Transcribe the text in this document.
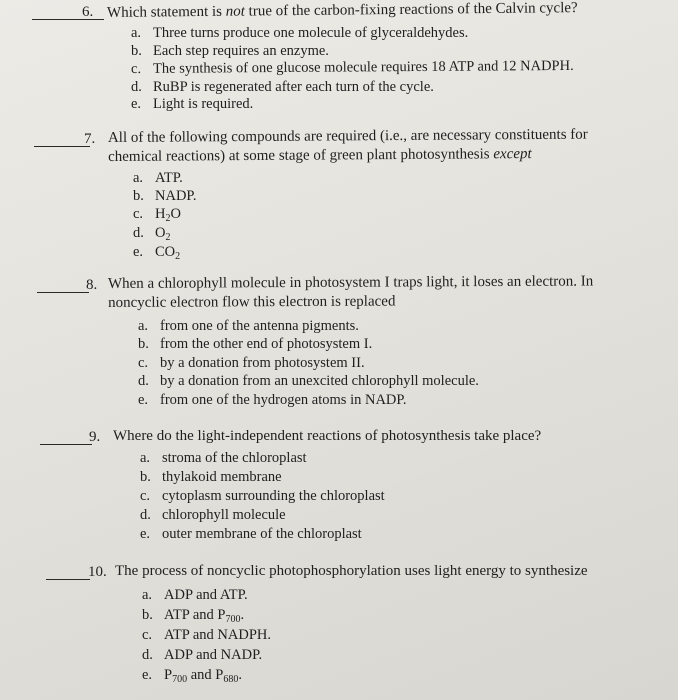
6. Which statement is not true of the carbon-fixing reactions of the Calvin cycle?
a. Three turns produce one molecule of glyceraldehydes.
b. Each step requires an enzyme.
c. The synthesis of one glucose molecule requires 18 ATP and 12 NADPH.
d. RuBP is regenerated after each turn of the cycle.
e. Light is required.
7. All of the following compounds are required (i.e., are necessary constituents for
chemical reactions) at some stage of green plant photosynthesis except
a. ATP.
b. NADP.
c. $H_2O$
d. $O_2$
e. $CO_2$
8. When a chlorophyll molecule in photosystem I traps light, it loses an electron. In
noncyclic electron flow this electron is replaced
a. from one of the antenna pigments.
b. from the other end of photosystem I.
c. by a donation from photosystem II.
d. by a donation from an unexcited chlorophyll molecule.
e. from one of the hydrogen atoms in NADP.
9. Where do the light-independent reactions of photosynthesis take place?
a. stroma of the chloroplast
b. thylakoid membrane
c. cytoplasm surrounding the chloroplast
d. chlorophyll molecule
e. outer membrane of the chloroplast
10. The process of noncyclic photophosphorylation uses light energy to synthesize
a. ADP and ATP.
b. ATP and $P_{700}$.
c. ATP and NADPH.
d. ADP and NADP.
e. $P_{700}$ and $P_{680}$.
